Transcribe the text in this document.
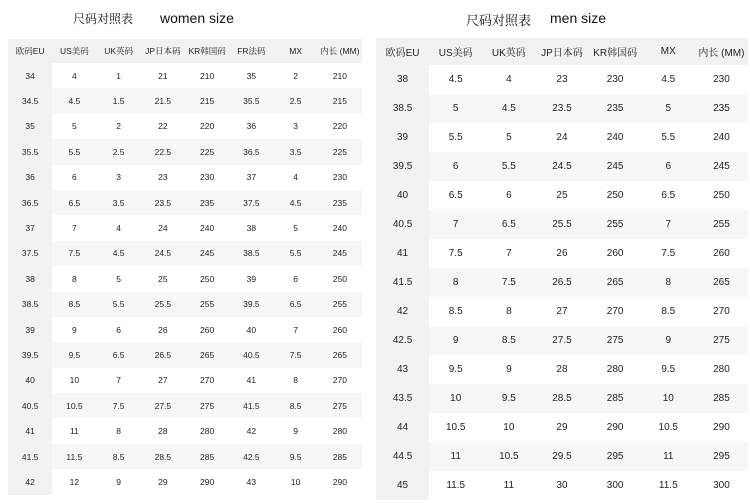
尺码对照表 women size
欧码EU	US美码	UK英码	JP日本码	KR韩国码	FR法码	MX	内长 (MM)
34	4	1	21	210	35	2	210
34.5	4.5	1.5	21.5	215	35.5	2.5	215
35	5	2	22	220	36	3	220
35.5	5.5	2.5	22.5	225	36.5	3.5	225
36	6	3	23	230	37	4	230
36.5	6.5	3.5	23.5	235	37.5	4.5	235
37	7	4	24	240	38	5	240
37.5	7.5	4.5	24.5	245	38.5	5.5	245
38	8	5	25	250	39	6	250
38.5	8.5	5.5	25.5	255	39.5	6.5	255
39	9	6	26	260	40	7	260
39.5	9.5	6.5	26.5	265	40.5	7.5	265
40	10	7	27	270	41	8	270
40.5	10.5	7.5	27.5	275	41.5	8.5	275
41	11	8	28	280	42	9	280
41.5	11.5	8.5	28.5	285	42.5	9.5	285
42	12	9	29	290	43	10	290
尺码对照表 men size
欧码EU	US美码	UK英码	JP日本码	KR韩国码	MX	内长 (MM)
38	4.5	4	23	230	4.5	230
38.5	5	4.5	23.5	235	5	235
39	5.5	5	24	240	5.5	240
39.5	6	5.5	24.5	245	6	245
40	6.5	6	25	250	6.5	250
40.5	7	6.5	25.5	255	7	255
41	7.5	7	26	260	7.5	260
41.5	8	7.5	26.5	265	8	265
42	8.5	8	27	270	8.5	270
42.5	9	8.5	27.5	275	9	275
43	9.5	9	28	280	9.5	280
43.5	10	9.5	28.5	285	10	285
44	10.5	10	29	290	10.5	290
44.5	11	10.5	29.5	295	11	295
45	11.5	11	30	300	11.5	300
